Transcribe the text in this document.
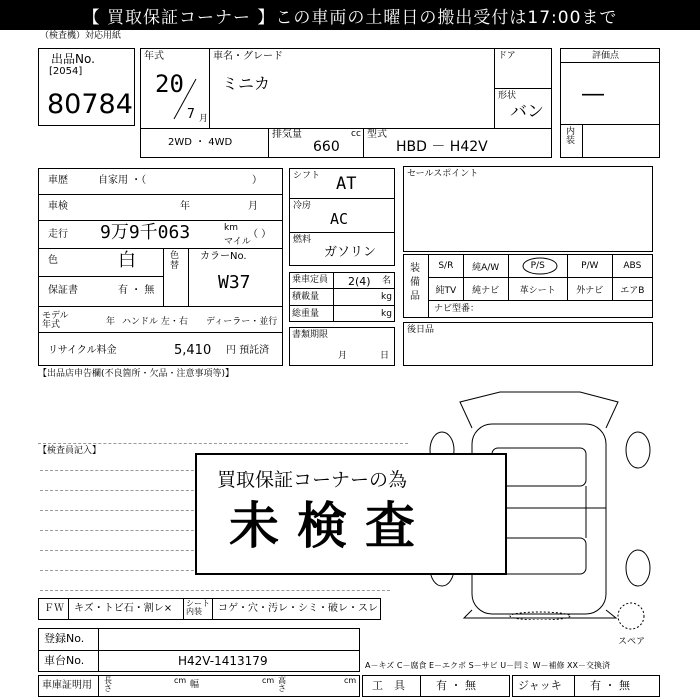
【 買取保証コーナー 】この車両の土曜日の搬出受付は17:00まで
（検査機）対応用紙
出品No.
[2054]
80784
年式
20
7 月
車名・グレード
ミニカ
ドア
形状
バン
2WD ・ 4WD
排気量	cc
660
型式
HBD － H42V
評価点
―
内装
車歴	自家用 ・（	）
車検	年	月
走行 9万9千063	km
マイル
（ ）
色	白	色替
カラーNo.
W37
保証書	有 ・ 無
モデル 年式	年 ハンドル 左・右 ディーラー・並行
リサイクル料金	5,410 円 預託済
シフト AT
冷房
AC
燃料
ガソリン
乗車定員 2(4) 名
積載量	kg
総重量	kg
書類期限
月	日
セールスポイント
装備品
S/R	純A/W	P/S	P/W	ABS
純TV	純ナビ	革シート	外ナビ	エアB
ナビ型番：
後日品
【出品店申告欄(不良箇所・欠品・注意事項等)】
【検査員記入】
スペア
買取保証コーナーの為
未検査
ＦＷ キズ・トビ石・割レ× シート内装	コゲ・穴・汚レ・シミ・破レ・スレ
登録No.
車台No.	H42V-1413179
車庫証明用 長さ
cm 幅	cm 高さ
cm
A－キズ C－腐食 E－エクボ S－サビ U－凹ミ W－補修 XX－交換済
工　具	有 ・ 無	ジャッキ	有 ・ 無
